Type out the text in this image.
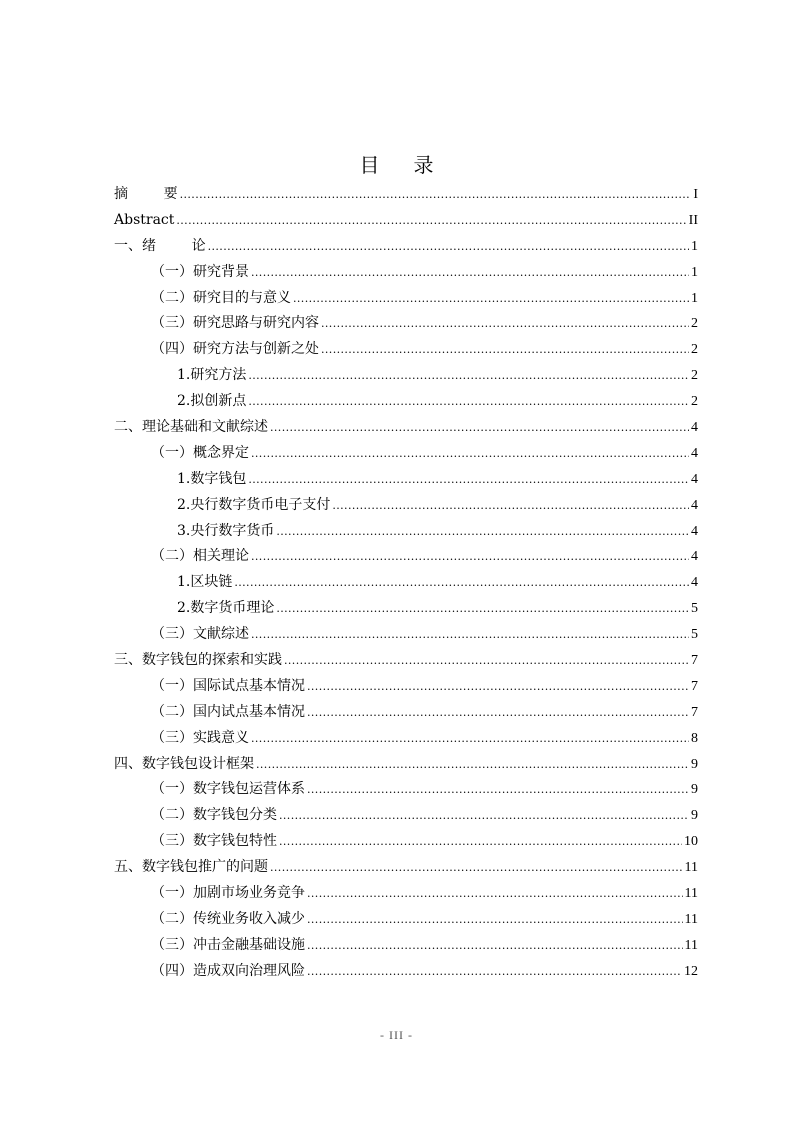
目录
摘        要 .....	I
Abstract .....	II
一、绪        论 .....	1
（一）研究背景 .....	1
（二）研究目的与意义 .....	1
（三）研究思路与研究内容 .....	2
（四）研究方法与创新之处 .....	2
1.研究方法 .....	2
2.拟创新点 .....	2
二、理论基础和文献综述 .....	4
（一）概念界定 .....	4
1.数字钱包 .....	4
2.央行数字货币电子支付 .....	4
3.央行数字货币 .....	4
（二）相关理论 .....	4
1.区块链 .....	4
2.数字货币理论 .....	5
（三）文献综述 .....	5
三、数字钱包的探索和实践 .....	7
（一）国际试点基本情况 .....	7
（二）国内试点基本情况 .....	7
（三）实践意义 .....	8
四、数字钱包设计框架 .....	9
（一）数字钱包运营体系 .....	9
（二）数字钱包分类 .....	9
（三）数字钱包特性 .....	10
五、数字钱包推广的问题 .....	11
（一）加剧市场业务竞争 .....	11
（二）传统业务收入减少 .....	11
（三）冲击金融基础设施 .....	11
（四）造成双向治理风险 .....	12
- III -
